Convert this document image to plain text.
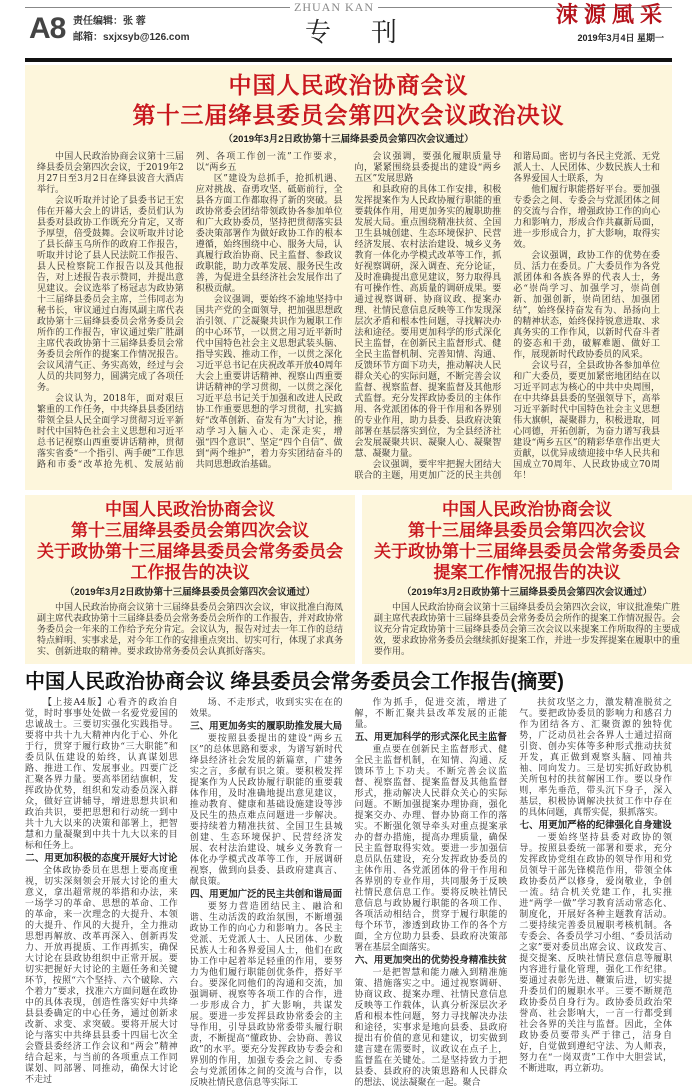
A8 责任编辑：张 蓉
邮箱：sxjxsyb@126.com
ZHUAN KAN
专刊
涑源風采
2019年3月4日 星期一
中国人民政治协商会议
第十三届绛县委员会第四次会议政治决议
（2019年3月2日政协第十三届绛县委员会第四次会议通过）

中国人民政治协商会议第十三届绛县委员会第四次会议，于2019年2月27日至3月2日在绛县波音大酒店举行。

会议听取并讨论了县委书记王宏伟在开幕大会上的讲话，委员们认为县委对县政协工作既充分肯定，又寄予厚望，倍受鼓舞。会议听取并讨论了县长薛玉乌所作的政府工作报告，听取并讨论了县人民法院工作报告、县人民检察院工作报告以及其他报告，对上述报告表示赞同，并提出意见建议。会议选举了杨冠志为政协第十三届绛县委员会主席，兰伟同志为秘书长，审议通过白海凤副主席代表政协第十三届绛县委员会常务委员会所作的工作报告，审议通过柴广胜副主席代表政协第十三届绛县委员会常务委员会所作的提案工作情况报告。会议风清气正、务实高效，经过与会人员的共同努力，圆满完成了各项任务。

会议认为，2018年，面对艰巨繁重的工作任务，中共绛县县委团结带领全县人民全面学习贯彻习近平新时代中国特色社会主义思想和习近平总书记视察山西重要讲话精神，贯彻落实省委“一个指引、两手硬”工作思路和市委“改革抢先机、发展站前列、各项工作创一流”工作要求，以“两乡五

区”建设为总抓手，抢抓机遇、应对挑战、奋勇攻坚、砥砺前行，全县各方面工作都取得了新的突破。县政协常委会团结带领政协各参加单位和广大政协委员，坚持把贯彻落实县委决策部署作为做好政协工作的根本遵循，始终围绕中心、服务大局，认真履行政治协商、民主监督、参政议政职能，助力改革发展、服务民生改善，为促进全县经济社会发展作出了积极贡献。

会议强调，要始终不渝地坚持中国共产党的全面领导，把加强思想政治引领、广泛凝聚共识作为履职工作的中心环节，一以贯之用习近平新时代中国特色社会主义思想武装头脑、指导实践、推动工作，一以贯之深化习近平总书记在庆祝改革开放40周年大会上重要讲话精神、视察山西重要讲话精神的学习贯彻，一以贯之深化习近平总书记关于加强和改进人民政协工作重要思想的学习贯彻，扎实搞好“改革创新、奋发有为”大讨论，推动学习入脑入心、走深走实，增强“四个意识”、坚定“四个自信”、做到“两个维护”，着力夯实团结奋斗的共同思想政治基础。

会议强调，要强化履职质量导向，紧紧围绕县委提出的建设“两乡五区”发展思路

和县政府的具体工作安排，积极发挥提案作为人民政协履行职能的重要载体作用，用更加务实的履职助推发展大局。重点围绕精准扶贫、全国卫生县城创建、生态环境保护、民营经济发展、农村法治建设、城乡义务教育一体化办学模式改革等工作，抓好视察调研，深入调查、充分论证，及时准确提出意见建议，努力取得具有可操作性、高质量的调研成果。要通过视察调研、协商议政、提案办理、社情民意信息反映等工作发现深层次矛盾和根本性问题，寻找解决办法和途径。要用更加科学的形式深化民主监督，在创新民主监督形式、健全民主监督机制、完善知情、沟通、反馈环节方面下功夫，推动解决人民群众关心的实际问题，不断完善会议监督、视察监督、提案监督及其他形式监督。充分发挥政协委员的主体作用、各党派团体的骨干作用和各界别的专业作用，助力县委、县政府决策部署在基层落实到位，为全县经济社会发展凝聚共识、凝聚人心、凝聚智慧、凝聚力量。

会议强调，要牢牢把握大团结大联合的主题，用更加广泛的民主共创和谐局面。密切与各民主党派、无党派人士、人民团体、少数民族人士和各界爱国人士联系，为

他们履行职能搭好平台。要加强专委会之间、专委会与党派团体之间的交流与合作，增强政协工作的向心力和影响力，形成合作共赢新局面，进一步形成合力，扩大影响，取得实效。

会议强调，政协工作的优势在委员、活力在委员。广大委员作为各党派团体和各族各界的代表人士，务必“崇尚学习、加强学习，崇尚创新、加强创新，崇尚团结、加强团结”，始终保持奋发有为、昂扬向上的精神状态，始终保持锐意进取、求真务实的工作作风，以新时代奋斗者的姿态和干劲，破解难题、做好工作，展现新时代政协委员的风采。

会议号召，全县政协各参加单位和广大委员，要更加紧密地团结在以习近平同志为核心的中共中央周围，在中共绛县县委的坚强领导下，高举习近平新时代中国特色社会主义思想伟大旗帜，凝聚群力，积极进取，同心同德，开拓创新，为奋力谱写我县建设“两乡五区”的精彩华章作出更大贡献，以优异成绩迎接中华人民共和国成立70周年、人民政协成立70周年！

中国人民政治协商会议
第十三届绛县委员会第四次会议
关于政协第十三届绛县委员会常务委员会
工作报告的决议
（2019年3月2日政协第十三届绛县委员会第四次会议通过）
中国人民政治协商会议第十三届绛县委员会第四次会议，审议批准白海凤副主席代表政协第十三届绛县委员会常务委员会所作的工作报告，并对政协常务委员会一年来的工作给予充分肯定。会议认为，报告对过去一年工作的总结特点鲜明、实事求是，对今年工作的安排重点突出、切实可行，体现了求真务实、创新进取的精神。要求政协常务委员会认真抓好落实。
中国人民政治协商会议
第十三届绛县委员会第四次会议
关于政协第十三届绛县委员会常务委员会
提案工作情况报告的决议
（2019年3月2日政协第十三届绛县委员会第四次会议通过）
中国人民政治协商会议第十三届绛县委员会第四次会议，审议批准柴广胜副主席代表政协第十三届绛县委员会常务委员会所作的提案工作情况报告。会议充分肯定政协第十三届绛县委员会第三次会议以来提案工作所取得的主要成效，要求政协常务委员会继续抓好提案工作，并进一步发挥提案在履职中的重要作用。
中国人民政治协商会议 绛县委员会常务委员会工作报告(摘要)

【上接A4版】心看齐的政治自觉，时时事事处处做一名爱党爱国的忠诚战士。三要切实强化实践指导。要将中共十九大精神内化于心、外化于行，贯穿于履行政协“三大职能”和委员队伍建设的始终，认真谋划思路、推进工作、发展事业。四要广泛汇聚各界力量。要高举团结旗帜，发挥政协优势，组织和发动委员深入群众，做好宣讲辅导，增进思想共识和政治共识，要把思想和行动统一到中共十九大以来的决策和部署上，把智慧和力量凝聚到中共十九大以来的目标和任务上。

二、用更加积极的态度开展好大讨论

全体政协委员在思想上要高度重视，切实深刻领会开展大讨论的重大意义，拿出超常规的举措和办法，来一场学习的革命、思想的革命、工作的革命，来一次理念的大提升、本领的大提升、作风的大提升，全力推动思想再解放、改革再深入、创新再发力、开放再提质、工作再抓实，确保大讨论在县政协组织中正常开展。要切实把握好大讨论的主题任务和关键环节，按照“六个坚持、六个破除、六个着力”要求，找准六方面问题在政协中的具体表现，创造性落实好中共绛县县委确定的中心任务，通过创新求改新、求变、求突破。要将开展大讨论与落实中共绛县县委十四届七次全会暨县委经济工作会议和“两会”精神结合起来，与当前的各项重点工作同谋划、同部署、同推动，确保大讨论不走过

场、不走形式，收到实实在在的效果。

三、用更加务实的履职助推发展大局

要按照县委提出的建设“两乡五区”的总体思路和要求，为谱写新时代绛县经济社会发展的新篇章，广建务实之言，多献有识之策。要积极发挥提案作为人民政协履行职能的重要载体作用，及时准确地提出意见建议，推动教育、健康和基础设施建设等涉及民生的热点难点问题进一步解决。要持续着力精准扶贫、全国卫生县城创建、生态环境保护、民营经济发展、农村法治建设、城乡义务教育一体化办学模式改革等工作，开展调研视察，做到向县委、县政府建真言、献良策。

四、用更加广泛的民主共创和谐局面

要努力营造团结民主、融洽和谐、生动活泼的政治氛围，不断增强政协工作的向心力和影响力。各民主党派、无党派人士、人民团体、少数民族人士和各界爱国人士，他们在政协工作中起着举足轻重的作用，要努力为他们履行职能创优条件，搭好平台。要深化同他们的沟通和交流，加强调研、视察等各项工作的合作，进一步形成合力，扩大影响，共谋发展。要进一步发挥县政协常委会的主导作用，引导县政协常委带头履行职责，不断提高“懂政协、会协商、善议政”的水平。要充分发挥政协专委会和界别的作用，加强专委会之间、专委会与党派团体之间的交流与合作，以反映社情民意信息等实际工

作为抓手，促进交流，增进了解，不断汇聚共县改革发展的正能量。

五、用更加科学的形式深化民主监督

重点要在创新民主监督形式、健全民主监督机制，在知情、沟通、反馈环节上下功夫。不断完善会议监督、视察监督、提案监督及其他监督形式，推动解决人民群众关心的实际问题。不断加强提案办理协商，强化提案交办、办理、督办协商工作的落实。不断强化领导牵头对重点提案承办的督办措施，提高办理质量，确保民主监督取得实效。要进一步加强信息员队伍建设，充分发挥政协委员的主体作用、各党派团体的骨干作用和各界别的专业作用，共同服务于反映社情民意信息工作。要将反映社情民意信息与政协履行职能的各项工作、各项活动相结合，贯穿于履行职能的每个环节，渗透到政协工作的各个方面，全方位助力县委、县政府决策部署在基层全面落实。

六、用更加突出的优势投身精准扶贫

一是把智慧和能力融入到精准施策、措施落实之中。通过视察调研、协商议政、提案办理、社情民意信息反映等工作载体，认真分析深层次矛盾和根本性问题，努力寻找解决办法和途径，实事求是地向县委、县政府提出有价值的意见和建议，切实做到建言建在需要时，议政议在点子上，监督监在关键处。二是坚持致力于把县委、县政府的决策思路和人民群众的想法、说法凝聚在一起。聚合

扶贫攻坚之力，激发精准脱贫之气。要把政协委员的影响力和感召力作为团结各方、汇聚资源的独特优势，广泛动员社会各界人士通过招商引资、创办实体等多种形式推动扶贫开发，真正做到观察头脑、同袖共袖、同向发力。三是切实抓好政协机关所包村的扶贫解困工作。要以身作则，率先垂范，带头沉下身子，深入基层，积极协调解决扶贫工作中存在的具体问题，真帮实促，狠抓落实。

七、用更加严格的纪律强化自身建设

一要始终坚持县委对政协的领导。按照县委统一部署和要求，充分发挥政协党组在政协的领导作用和党员领导干部先锋模范作用，带领全体政协委员严以修身，爱岗敬业，争创一流。结合机关党建工作，扎实推进“两学一做”学习教育活动常态化、制度化，开展好各种主题教育活动。二要持续完善委员履职考核机制。各专委会、各委员学习小组、“委员活动之家”要对委员出席会议、议政发言、提交提案、反映社情民意信息等履职内容进行量化管理，强化工作纪律。要通过表彰先进、鞭策后进，切实提升委员们的履职水平。三要不断规范政协委员自身行为。政协委员政治荣誉高、社会影响大，一言一行都受到社会各界的关注与监督。因此，全体政协委员要带头严于律己，洁身自好，自觉做到遵纪守法、为人师表，努力在“一岗双责”工作中大胆尝试，不断进取，再立新功。
